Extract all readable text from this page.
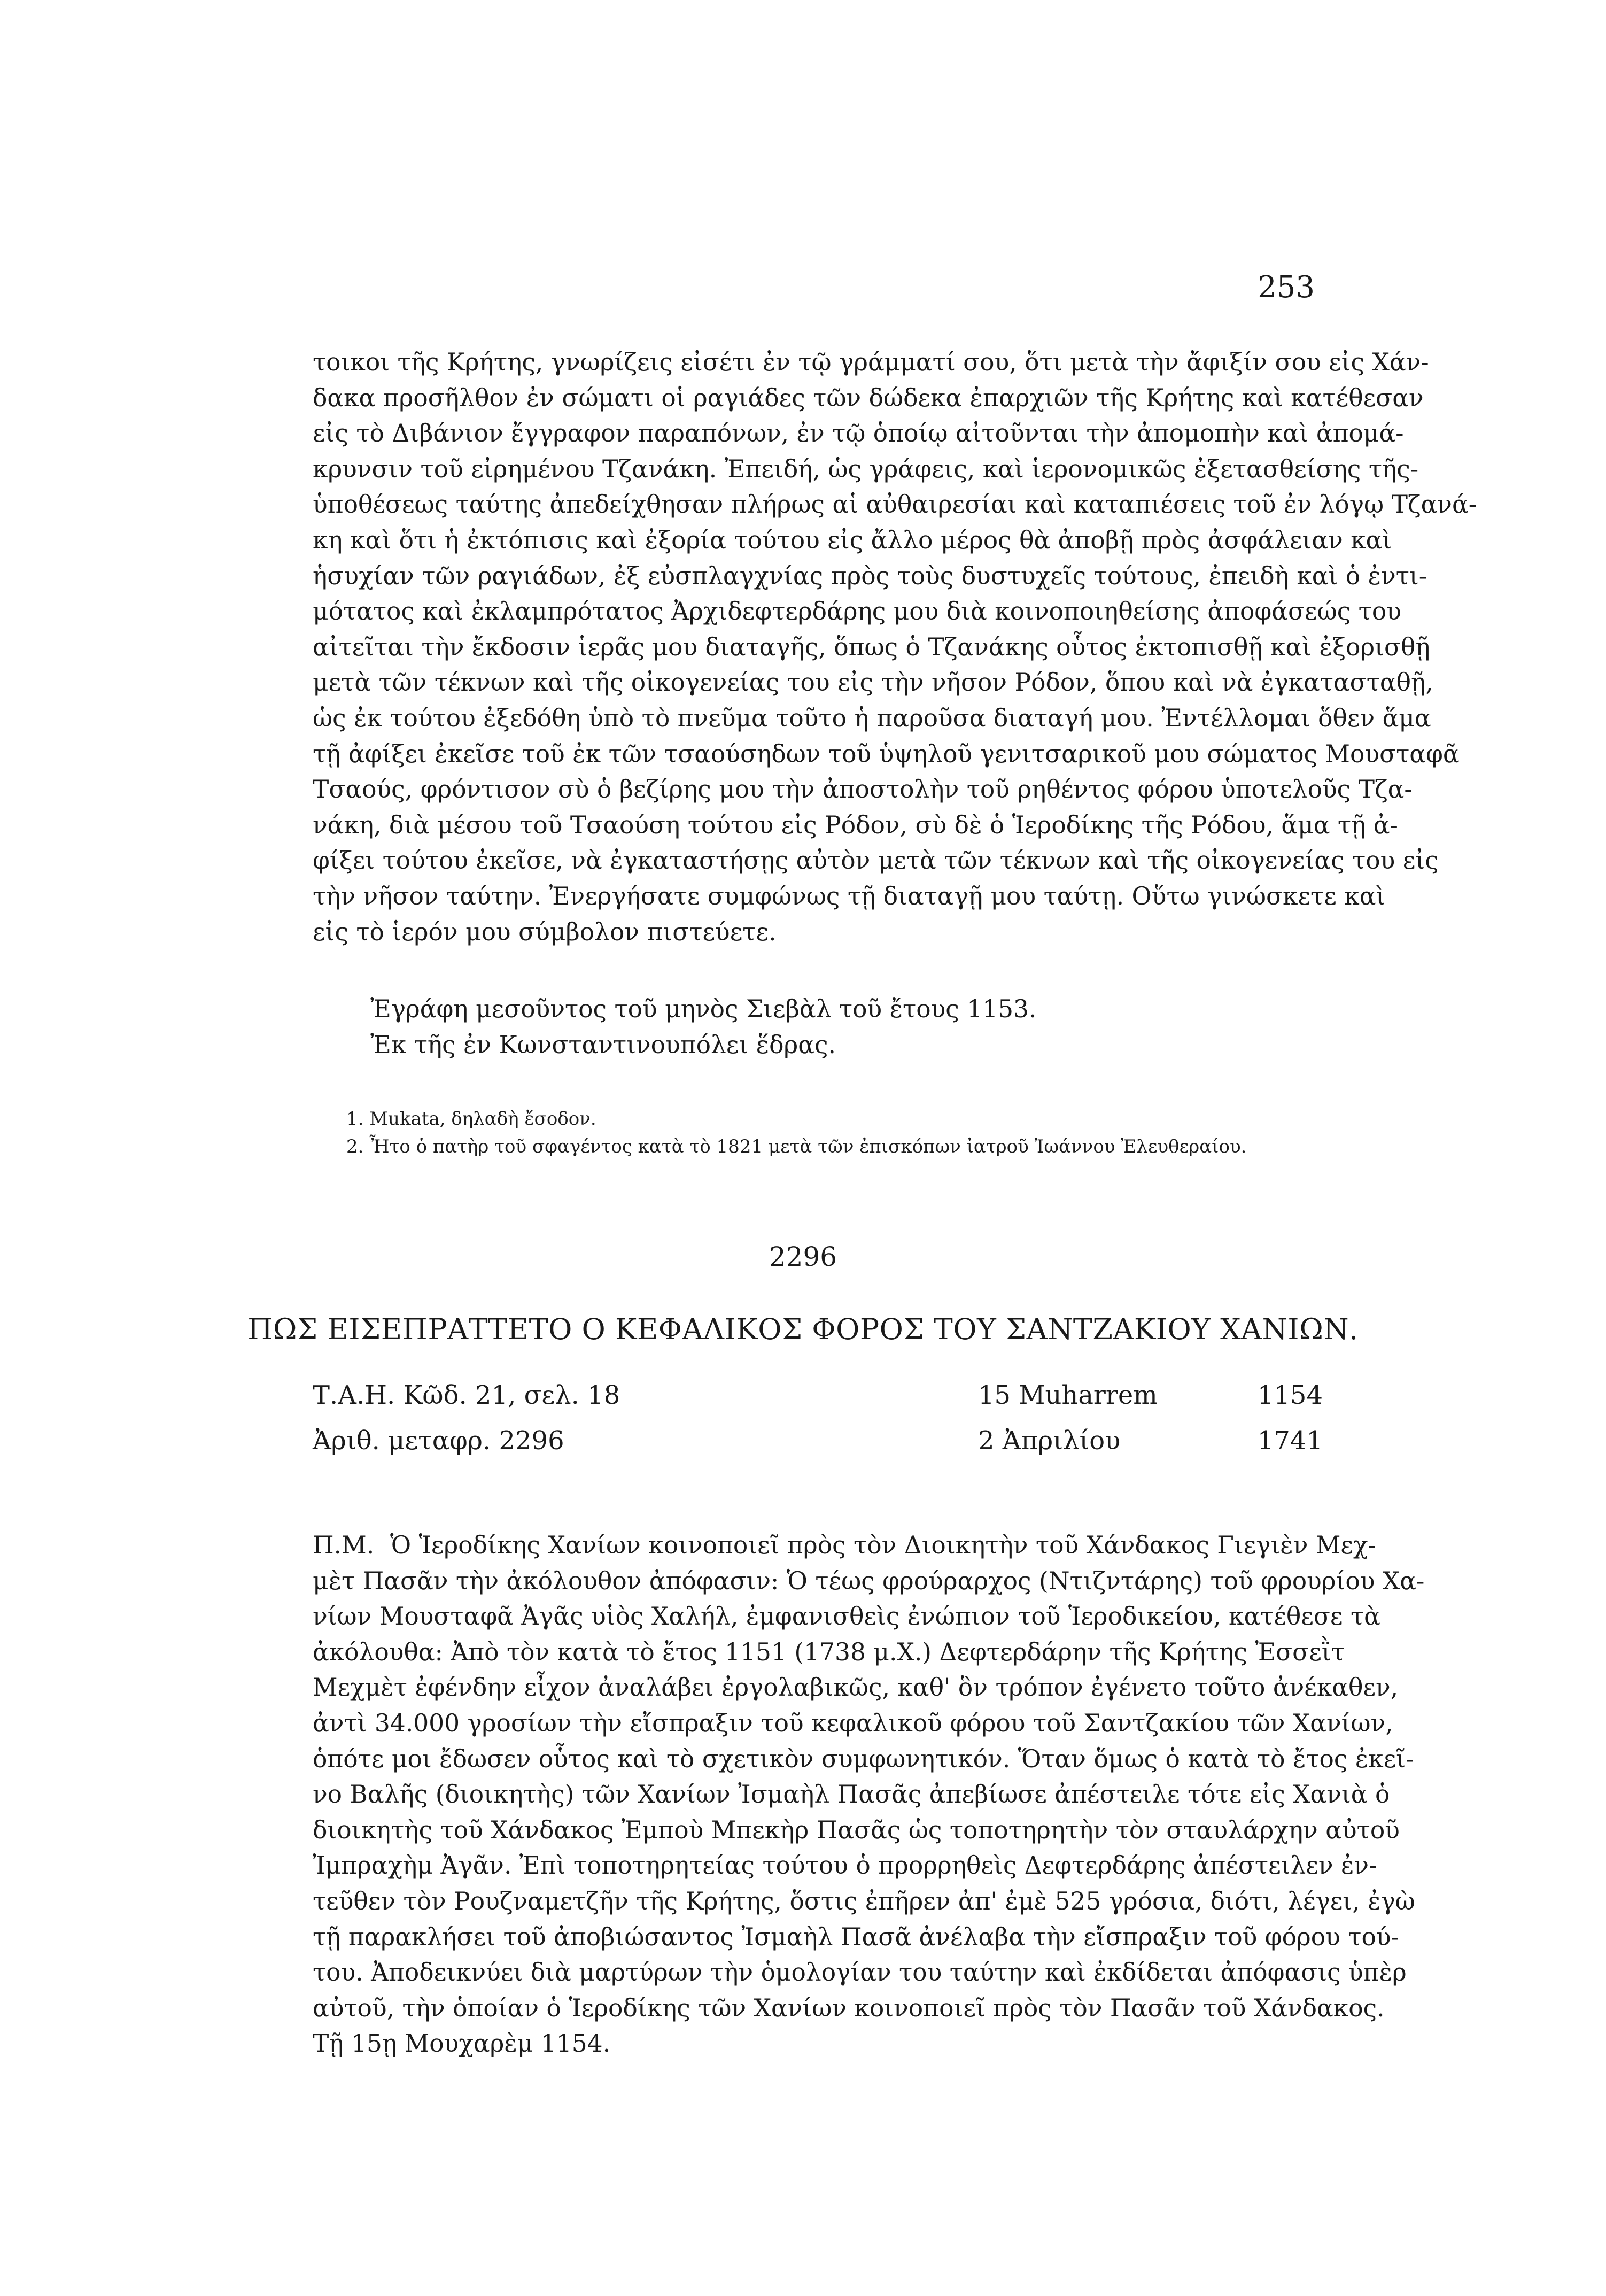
253
τοικοι τῆς Κρήτης, γνωρίζεις εἰσέτι ἐν τῷ γράμματί σου, ὅτι μετὰ τὴν ἄφιξίν σου εἰς Χάν-
δακα προσῆλθον ἐν σώματι οἱ ραγιάδες τῶν δώδεκα ἐπαρχιῶν τῆς Κρήτης καὶ κατέθεσαν
εἰς τὸ Διβάνιον ἔγγραφον παραπόνων, ἐν τῷ ὁποίῳ αἰτοῦνται τὴν ἀπομοπὴν καὶ ἀπομά-
κρυνσιν τοῦ εἰρημένου Τζανάκη. Ἐπειδή, ὡς γράφεις, καὶ ἱερονομικῶς ἐξετασθείσης τῆς-
ὑποθέσεως ταύτης ἀπεδείχθησαν πλήρως αἱ αὐθαιρεσίαι καὶ καταπιέσεις τοῦ ἐν λόγῳ Τζανά-
κη καὶ ὅτι ἡ ἐκτόπισις καὶ ἐξορία τούτου εἰς ἄλλο μέρος θὰ ἀποβῇ πρὸς ἀσφάλειαν καὶ
ἡσυχίαν τῶν ραγιάδων, ἐξ εὐσπλαγχνίας πρὸς τοὺς δυστυχεῖς τούτους, ἐπειδὴ καὶ ὁ ἐντι-
μότατος καὶ ἐκλαμπρότατος Ἀρχιδεφτερδάρης μου διὰ κοινοποιηθείσης ἀποφάσεώς του
αἰτεῖται τὴν ἔκδοσιν ἱερᾶς μου διαταγῆς, ὅπως ὁ Τζανάκης οὗτος ἐκτοπισθῇ καὶ ἐξορισθῇ
μετὰ τῶν τέκνων καὶ τῆς οἰκογενείας του εἰς τὴν νῆσον Ρόδον, ὅπου καὶ νὰ ἐγκατασταθῇ,
ὡς ἐκ τούτου ἐξεδόθη ὑπὸ τὸ πνεῦμα τοῦτο ἡ παροῦσα διαταγή μου. Ἐντέλλομαι ὅθεν ἅμα
τῇ ἀφίξει ἐκεῖσε τοῦ ἐκ τῶν τσαούσηδων τοῦ ὑψηλοῦ γενιτσαρικοῦ μου σώματος Μουσταφᾶ
Τσαούς, φρόντισον σὺ ὁ βεζίρης μου τὴν ἀποστολὴν τοῦ ρηθέντος φόρου ὑποτελοῦς Τζα-
νάκη, διὰ μέσου τοῦ Τσαούση τούτου εἰς Ρόδον, σὺ δὲ ὁ Ἱεροδίκης τῆς Ρόδου, ἅμα τῇ ἀ-
φίξει τούτου ἐκεῖσε, νὰ ἐγκαταστήσῃς αὐτὸν μετὰ τῶν τέκνων καὶ τῆς οἰκογενείας του εἰς
τὴν νῆσον ταύτην. Ἐνεργήσατε συμφώνως τῇ διαταγῇ μου ταύτῃ. Οὕτω γινώσκετε καὶ
εἰς τὸ ἱερόν μου σύμβολον πιστεύετε.
Ἐγράφη μεσοῦντος τοῦ μηνὸς Σιεβὰλ τοῦ ἔτους 1153.
Ἐκ τῆς ἐν Κωνσταντινουπόλει ἕδρας.
1. Mukata, δηλαδὴ ἔσοδον.
2. Ἦτο ὁ πατὴρ τοῦ σφαγέντος κατὰ τὸ 1821 μετὰ τῶν ἐπισκόπων ἰατροῦ Ἰωάννου Ἐλευθεραίου.
2296
ΠΩΣ ΕΙΣΕΠΡΑΤΤΕΤΟ Ο ΚΕΦΑΛΙΚΟΣ ΦΟΡΟΣ ΤΟΥ ΣΑΝΤΖΑΚΙΟΥ ΧΑΝΙΩΝ.
Τ.Α.Η. Κῶδ. 21, σελ. 18	15 Muharrem	1154
Ἀριθ. μεταφρ. 2296	2 Ἀπριλίου	1741
Π.Μ. Ὁ Ἱεροδίκης Χανίων κοινοποιεῖ πρὸς τὸν Διοικητὴν τοῦ Χάνδακος Γιεγιὲν Μεχ-
μὲτ Πασᾶν τὴν ἀκόλουθον ἀπόφασιν: Ὁ τέως φρούραρχος (Ντιζντάρης) τοῦ φρουρίου Χα-
νίων Μουσταφᾶ Ἀγᾶς υἱὸς Χαλήλ, ἐμφανισθεὶς ἐνώπιον τοῦ Ἱεροδικείου, κατέθεσε τὰ
ἀκόλουθα: Ἀπὸ τὸν κατὰ τὸ ἔτος 1151 (1738 μ.Χ.) Δεφτερδάρην τῆς Κρήτης Ἐσσεῒτ
Μεχμὲτ ἐφένδην εἶχον ἀναλάβει ἐργολαβικῶς, καθ' ὃν τρόπον ἐγένετο τοῦτο ἀνέκαθεν,
ἀντὶ 34.000 γροσίων τὴν εἴσπραξιν τοῦ κεφαλικοῦ φόρου τοῦ Σαντζακίου τῶν Χανίων,
ὁπότε μοι ἔδωσεν οὗτος καὶ τὸ σχετικὸν συμφωνητικόν. Ὅταν ὅμως ὁ κατὰ τὸ ἔτος ἐκεῖ-
νο Βαλῆς (διοικητὴς) τῶν Χανίων Ἰσμαὴλ Πασᾶς ἀπεβίωσε ἀπέστειλε τότε εἰς Χανιὰ ὁ
διοικητὴς τοῦ Χάνδακος Ἐμποὺ Μπεκὴρ Πασᾶς ὡς τοποτηρητὴν τὸν σταυλάρχην αὐτοῦ
Ἰμπραχὴμ Ἀγᾶν. Ἐπὶ τοποτηρητείας τούτου ὁ προρρηθεὶς Δεφτερδάρης ἀπέστειλεν ἐν-
τεῦθεν τὸν Ρουζναμετζῆν τῆς Κρήτης, ὅστις ἐπῆρεν ἀπ' ἐμὲ 525 γρόσια, διότι, λέγει, ἐγὼ
τῇ παρακλήσει τοῦ ἀποβιώσαντος Ἰσμαὴλ Πασᾶ ἀνέλαβα τὴν εἴσπραξιν τοῦ φόρου τού-
του. Ἀποδεικνύει διὰ μαρτύρων τὴν ὁμολογίαν του ταύτην καὶ ἐκδίδεται ἀπόφασις ὑπὲρ
αὐτοῦ, τὴν ὁποίαν ὁ Ἱεροδίκης τῶν Χανίων κοινοποιεῖ πρὸς τὸν Πασᾶν τοῦ Χάνδακος.
Τῇ 15ῃ Μουχαρὲμ 1154.
